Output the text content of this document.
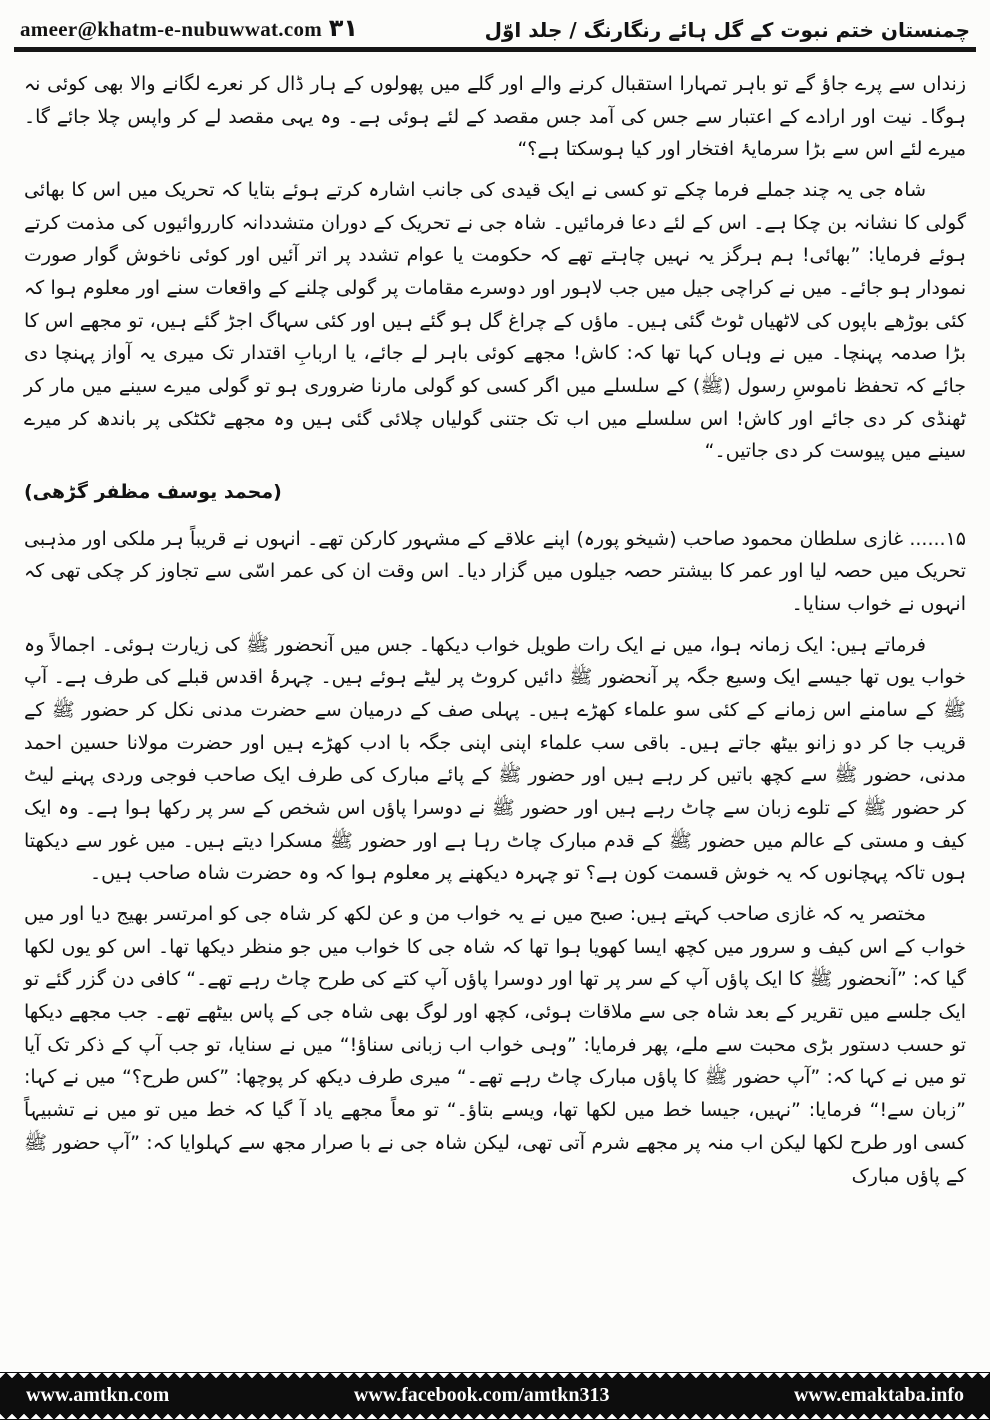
ameer@khatm-e-nubuwwat.com ۳۱	چمنستان ختم نبوت کے گل ہائے رنگارنگ / جلد اوّل

زنداں سے پرے جاؤ گے تو باہر تمہارا استقبال کرنے والے اور گلے میں پھولوں کے ہار ڈال کر نعرے لگانے والا بھی کوئی نہ ہوگا۔ نیت اور ارادے کے اعتبار سے جس کی آمد جس مقصد کے لئے ہوئی ہے۔ وہ یہی مقصد لے کر واپس چلا جائے گا۔ میرے لئے اس سے بڑا سرمایۂ افتخار اور کیا ہوسکتا ہے؟“

شاہ جی یہ چند جملے فرما چکے تو کسی نے ایک قیدی کی جانب اشارہ کرتے ہوئے بتایا کہ تحریک میں اس کا بھائی گولی کا نشانہ بن چکا ہے۔ اس کے لئے دعا فرمائیں۔ شاہ جی نے تحریک کے دوران متشددانہ کارروائیوں کی مذمت کرتے ہوئے فرمایا: ”بھائی! ہم ہرگز یہ نہیں چاہتے تھے کہ حکومت یا عوام تشدد پر اتر آئیں اور کوئی ناخوش گوار صورت نمودار ہو جائے۔ میں نے کراچی جیل میں جب لاہور اور دوسرے مقامات پر گولی چلنے کے واقعات سنے اور معلوم ہوا کہ کئی بوڑھے باپوں کی لاٹھیاں ٹوٹ گئی ہیں۔ ماؤں کے چراغ گل ہو گئے ہیں اور کئی سہاگ اجڑ گئے ہیں، تو مجھے اس کا بڑا صدمہ پہنچا۔ میں نے وہاں کہا تھا کہ: کاش! مجھے کوئی باہر لے جائے، یا اربابِ اقتدار تک میری یہ آواز پہنچا دی جائے کہ تحفظ ناموسِ رسول (ﷺ) کے سلسلے میں اگر کسی کو گولی مارنا ضروری ہو تو گولی میرے سینے میں مار کر ٹھنڈی کر دی جائے اور کاش! اس سلسلے میں اب تک جتنی گولیاں چلائی گئی ہیں وہ مجھے ٹکٹکی پر باندھ کر میرے سینے میں پیوست کر دی جاتیں۔“

(محمد یوسف مظفر گڑھی)

۱۵...... غازی سلطان محمود صاحب (شیخو پورہ) اپنے علاقے کے مشہور کارکن تھے۔ انہوں نے قریباً ہر ملکی اور مذہبی تحریک میں حصہ لیا اور عمر کا بیشتر حصہ جیلوں میں گزار دیا۔ اس وقت ان کی عمر اسّی سے تجاوز کر چکی تھی کہ انہوں نے خواب سنایا۔

فرماتے ہیں: ایک زمانہ ہوا، میں نے ایک رات طویل خواب دیکھا۔ جس میں آنحضور ﷺ کی زیارت ہوئی۔ اجمالاً وہ خواب یوں تھا جیسے ایک وسیع جگہ پر آنحضور ﷺ دائیں کروٹ پر لیٹے ہوئے ہیں۔ چہرۂ اقدس قبلے کی طرف ہے۔ آپ ﷺ کے سامنے اس زمانے کے کئی سو علماء کھڑے ہیں۔ پہلی صف کے درمیان سے حضرت مدنی نکل کر حضور ﷺ کے قریب جا کر دو زانو بیٹھ جاتے ہیں۔ باقی سب علماء اپنی اپنی جگہ با ادب کھڑے ہیں اور حضرت مولانا حسین احمد مدنی، حضور ﷺ سے کچھ باتیں کر رہے ہیں اور حضور ﷺ کے پائے مبارک کی طرف ایک صاحب فوجی وردی پہنے لیٹ کر حضور ﷺ کے تلوے زبان سے چاٹ رہے ہیں اور حضور ﷺ نے دوسرا پاؤں اس شخص کے سر پر رکھا ہوا ہے۔ وہ ایک کیف و مستی کے عالم میں حضور ﷺ کے قدم مبارک چاٹ رہا ہے اور حضور ﷺ مسکرا دیتے ہیں۔ میں غور سے دیکھتا ہوں تاکہ پہچانوں کہ یہ خوش قسمت کون ہے؟ تو چہرہ دیکھنے پر معلوم ہوا کہ وہ حضرت شاہ صاحب ہیں۔

مختصر یہ کہ غازی صاحب کہتے ہیں: صبح میں نے یہ خواب من و عن لکھ کر شاہ جی کو امرتسر بھیج دیا اور میں خواب کے اس کیف و سرور میں کچھ ایسا کھویا ہوا تھا کہ شاہ جی کا خواب میں جو منظر دیکھا تھا۔ اس کو یوں لکھا گیا کہ: ”آنحضور ﷺ کا ایک پاؤں آپ کے سر پر تھا اور دوسرا پاؤں آپ کتے کی طرح چاٹ رہے تھے۔“ کافی دن گزر گئے تو ایک جلسے میں تقریر کے بعد شاہ جی سے ملاقات ہوئی، کچھ اور لوگ بھی شاہ جی کے پاس بیٹھے تھے۔ جب مجھے دیکھا تو حسب دستور بڑی محبت سے ملے، پھر فرمایا: ”وہی خواب اب زبانی سناؤ!“ میں نے سنایا، تو جب آپ کے ذکر تک آیا تو میں نے کہا کہ: ”آپ حضور ﷺ کا پاؤں مبارک چاٹ رہے تھے۔“ میری طرف دیکھ کر پوچھا: ”کس طرح؟“ میں نے کہا: ”زبان سے!“ فرمایا: ”نہیں، جیسا خط میں لکھا تھا، ویسے بتاؤ۔“ تو معاً مجھے یاد آ گیا کہ خط میں تو میں نے تشبیہاً کسی اور طرح لکھا لیکن اب منہ پر مجھے شرم آتی تھی، لیکن شاہ جی نے با صرار مجھ سے کہلوایا کہ: ”آپ حضور ﷺ کے پاؤں مبارک

www.amtkn.com	www.facebook.com/amtkn313	www.emaktaba.info
